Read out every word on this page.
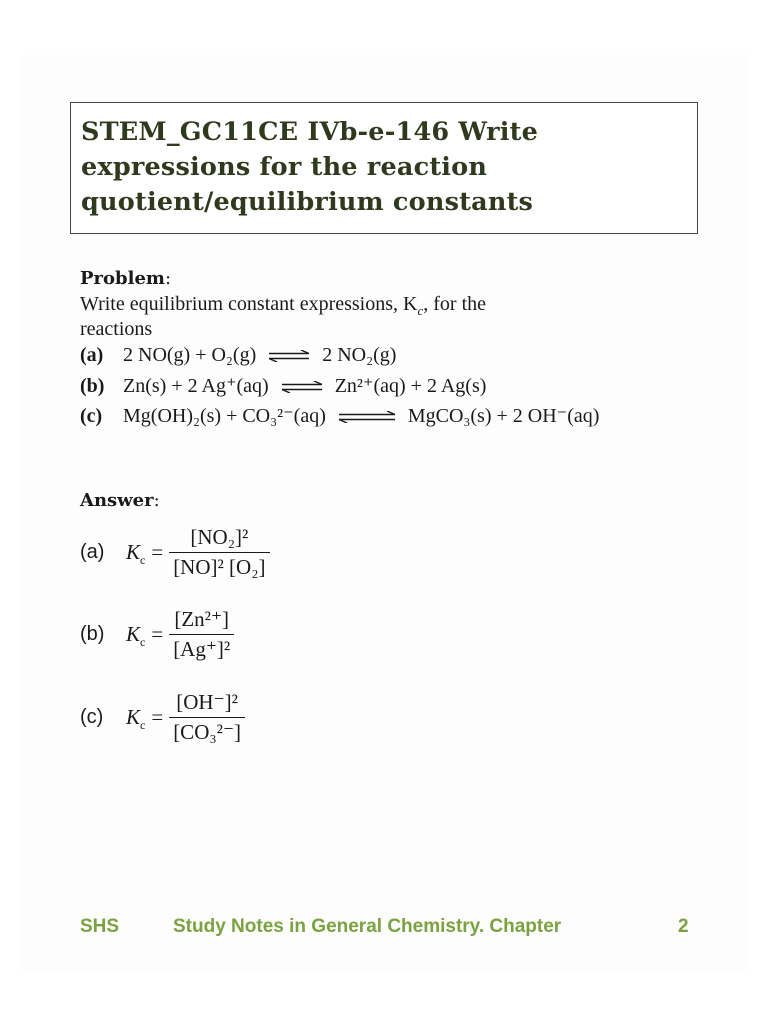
STEM_GC11CE IVb-e-146 Write
expressions for the reaction
quotient/equilibrium constants
Problem:
Write equilibrium constant expressions, $K_c$, for the
reactions
(a) 2 NO(g) + O₂(g) ⇌ 2 NO₂(g)
(b) Zn(s) + 2 Ag⁺(aq) ⇌ Zn²⁺(aq) + 2 Ag(s)
(c) Mg(OH)₂(s) + CO₃²⁻(aq) ⇌ MgCO₃(s) + 2 OH⁻(aq)
Answer:
(a)	$K_c = \frac{\text{[NO₂]²}}{\text{[NO]² [O₂]}}$
(b)	$K_c = \frac{\text{[Zn²⁺]}}{\text{[Ag⁺]²}}$
(c)	$K_c = \frac{\text{[OH⁻]²}}{\text{[CO₃²⁻]}}$
SHS	Study Notes in General Chemistry. Chapter	2
